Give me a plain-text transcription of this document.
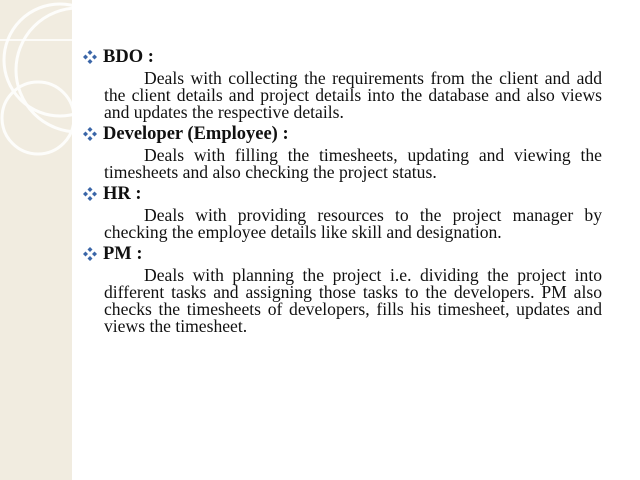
BDO :
Deals with collecting the requirements from the client and add the client details and project details into the database and also views and updates the respective details.
Developer (Employee) :
Deals with filling the timesheets, updating and viewing the timesheets and also checking the project status.
HR :
Deals with providing resources to the project manager by checking the employee details like skill and designation.
PM :
Deals with planning the project i.e. dividing the project into different tasks and assigning those tasks to the developers. PM also checks the timesheets of developers, fills his timesheet, updates and views the timesheet.
